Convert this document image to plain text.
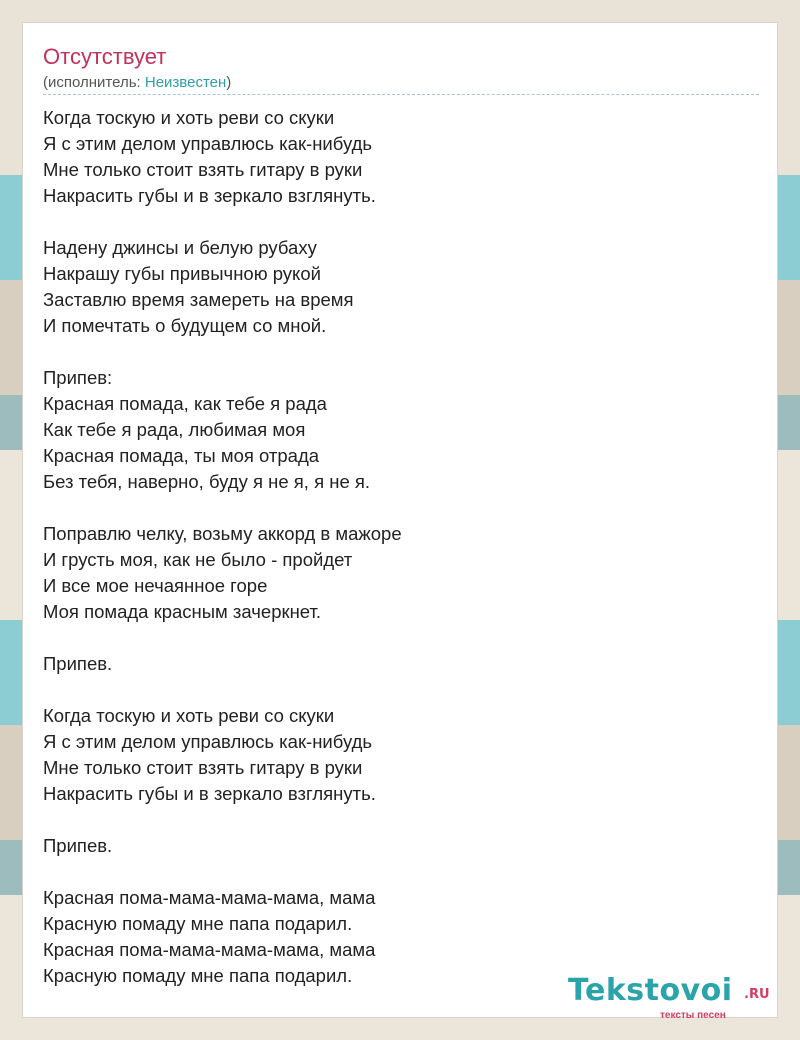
Отсутствует
(исполнитель: Неизвестен)
Когда тоскую и хоть реви со скуки
Я с этим делом управлюсь как-нибудь
Мне только стоит взять гитару в руки
Накрасить губы и в зеркало взглянуть.
Надену джинсы и белую рубаху
Накрашу губы привычною рукой
Заставлю время замереть на время
И помечтать о будущем со мной.
Припев:
Красная помада, как тебе я рада
Как тебе я рада, любимая моя
Красная помада, ты моя отрада
Без тебя, наверно, буду я не я, я не я.
Поправлю челку, возьму аккорд в мажоре
И грусть моя, как не было - пройдет
И все мое нечаянное горе
Моя помада красным зачеркнет.
Припев.
Когда тоскую и хоть реви со скуки
Я с этим делом управлюсь как-нибудь
Мне только стоит взять гитару в руки
Накрасить губы и в зеркало взглянуть.
Припев.
Красная пома-мама-мама-мама, мама
Красную помаду мне папа подарил.
Красная пома-мама-мама-мама, мама
Красную помаду мне папа подарил.	Tekstovoi .RU
тексты песен
